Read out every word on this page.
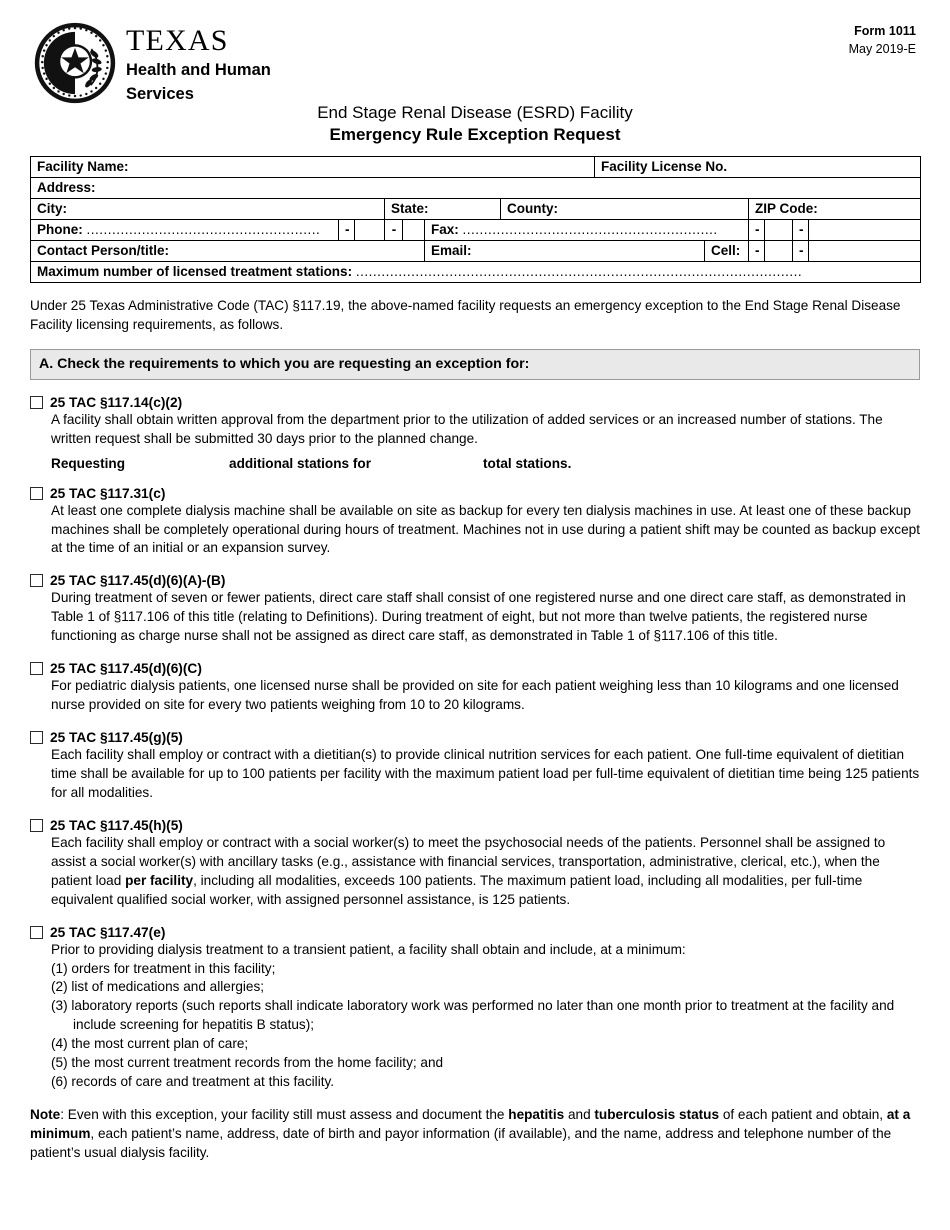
TEXAS
Health and Human
Services
Form 1011
May 2019-E
End Stage Renal Disease (ESRD) Facility
Emergency Rule Exception Request
Facility Name:							Facility License No.					
Address:												
City:			State:			County:			ZIP Code:			
Phone: .......................................................	-		-		Fax: ............................................................				-		-	
Contact Person/title:					Email:			Cell:	-		-	
Maximum number of licensed treatment stations: .........................................................................................................												
Under 25 Texas Administrative Code (TAC) §117.19, the above-named facility requests an emergency exception to the End Stage Renal Disease Facility licensing requirements, as follows.
A. Check the requirements to which you are requesting an exception for:
25 TAC §117.14(c)(2)
A facility shall obtain written approval from the department prior to the utilization of added services or an increased number of stations. The written request shall be submitted 30 days prior to the planned change.
Requesting	additional stations for	total stations.
25 TAC §117.31(c)
At least one complete dialysis machine shall be available on site as backup for every ten dialysis machines in use. At least one of these backup machines shall be completely operational during hours of treatment. Machines not in use during a patient shift may be counted as backup except at the time of an initial or an expansion survey.
25 TAC §117.45(d)(6)(A)-(B)
During treatment of seven or fewer patients, direct care staff shall consist of one registered nurse and one direct care staff, as demonstrated in Table 1 of §117.106 of this title (relating to Definitions). During treatment of eight, but not more than twelve patients, the registered nurse functioning as charge nurse shall not be assigned as direct care staff, as demonstrated in Table 1 of §117.106 of this title.
25 TAC §117.45(d)(6)(C)
For pediatric dialysis patients, one licensed nurse shall be provided on site for each patient weighing less than 10 kilograms and one licensed nurse provided on site for every two patients weighing from 10 to 20 kilograms.
25 TAC §117.45(g)(5)
Each facility shall employ or contract with a dietitian(s) to provide clinical nutrition services for each patient. One full-time equivalent of dietitian time shall be available for up to 100 patients per facility with the maximum patient load per full-time equivalent of dietitian time being 125 patients for all modalities.
25 TAC §117.45(h)(5)
Each facility shall employ or contract with a social worker(s) to meet the psychosocial needs of the patients. Personnel shall be assigned to assist a social worker(s) with ancillary tasks (e.g., assistance with financial services, transportation, administrative, clerical, etc.), when the patient load per facility, including all modalities, exceeds 100 patients. The maximum patient load, including all modalities, per full-time equivalent qualified social worker, with assigned personnel assistance, is 125 patients.
25 TAC §117.47(e)
Prior to providing dialysis treatment to a transient patient, a facility shall obtain and include, at a minimum:
(1) orders for treatment in this facility;
(2) list of medications and allergies;
(3) laboratory reports (such reports shall indicate laboratory work was performed no later than one month prior to treatment at the facility and include screening for hepatitis B status);
(4) the most current plan of care;
(5) the most current treatment records from the home facility; and
(6) records of care and treatment at this facility.
Note: Even with this exception, your facility still must assess and document the hepatitis and tuberculosis status of each patient and obtain, at a minimum, each patient’s name, address, date of birth and payor information (if available), and the name, address and telephone number of the patient’s usual dialysis facility.
